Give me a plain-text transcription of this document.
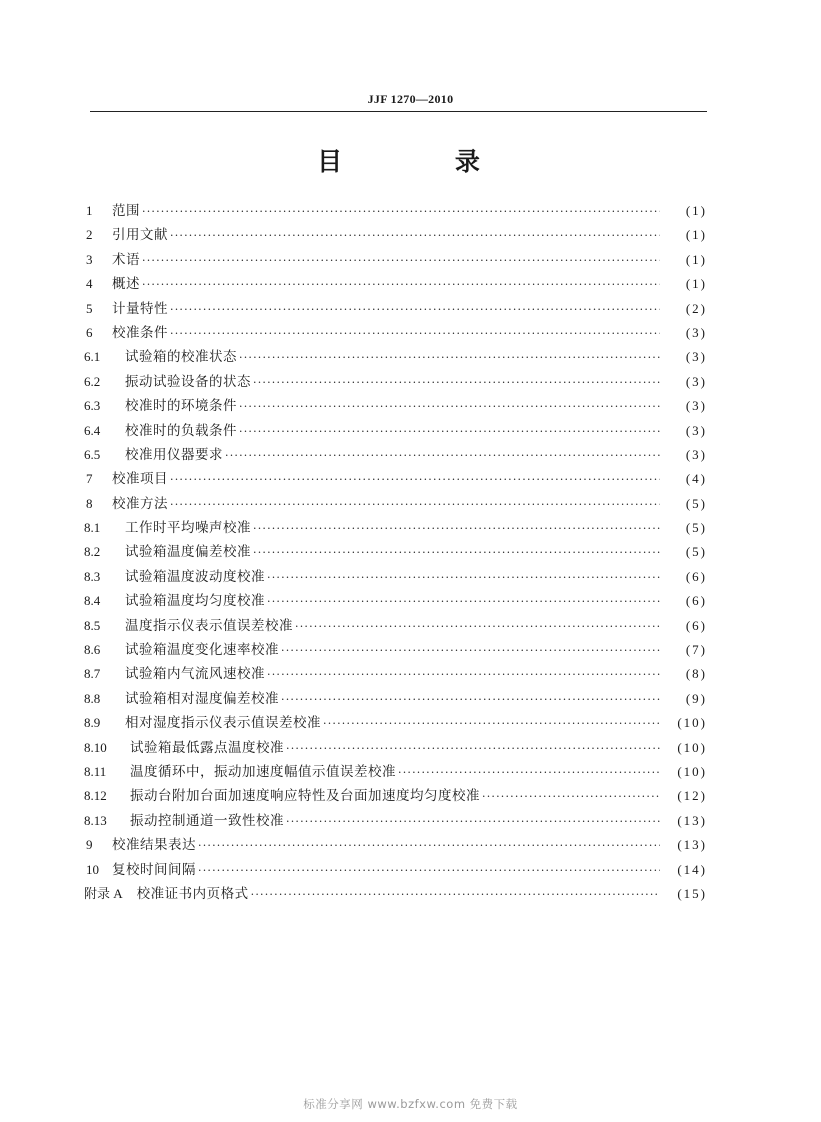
JJF 1270—2010
目 录
1	范围 ·····	(1)
2	引用文献 ·····	(1)
3	术语 ·····	(1)
4	概述 ·····	(1)
5	计量特性 ·····	(2)
6	校准条件 ·····	(3)
6.1	试验箱的校准状态 ·····	(3)
6.2	振动试验设备的状态 ·····	(3)
6.3	校准时的环境条件 ·····	(3)
6.4	校准时的负载条件 ·····	(3)
6.5	校准用仪器要求 ·····	(3)
7	校准项目 ·····	(4)
8	校准方法 ·····	(5)
8.1	工作时平均噪声校准 ·····	(5)
8.2	试验箱温度偏差校准 ·····	(5)
8.3	试验箱温度波动度校准 ·····	(6)
8.4	试验箱温度均匀度校准 ·····	(6)
8.5	温度指示仪表示值误差校准 ·····	(6)
8.6	试验箱温度变化速率校准 ·····	(7)
8.7	试验箱内气流风速校准 ·····	(8)
8.8	试验箱相对湿度偏差校准 ·····	(9)
8.9	相对湿度指示仪表示值误差校准 ·····	(10)
8.10	试验箱最低露点温度校准 ·····	(10)
8.11	温度循环中，振动加速度幅值示值误差校准 ·····	(10)
8.12	振动台附加台面加速度响应特性及台面加速度均匀度校准 ·····	(12)
8.13	振动控制通道一致性校准 ·····	(13)
9	校准结果表达 ·····	(13)
10 复校时间间隔 ·····	(14)
附录 A	校准证书内页格式 ·····	(15)
标准分享网 www.bzfxw.com 免费下载
